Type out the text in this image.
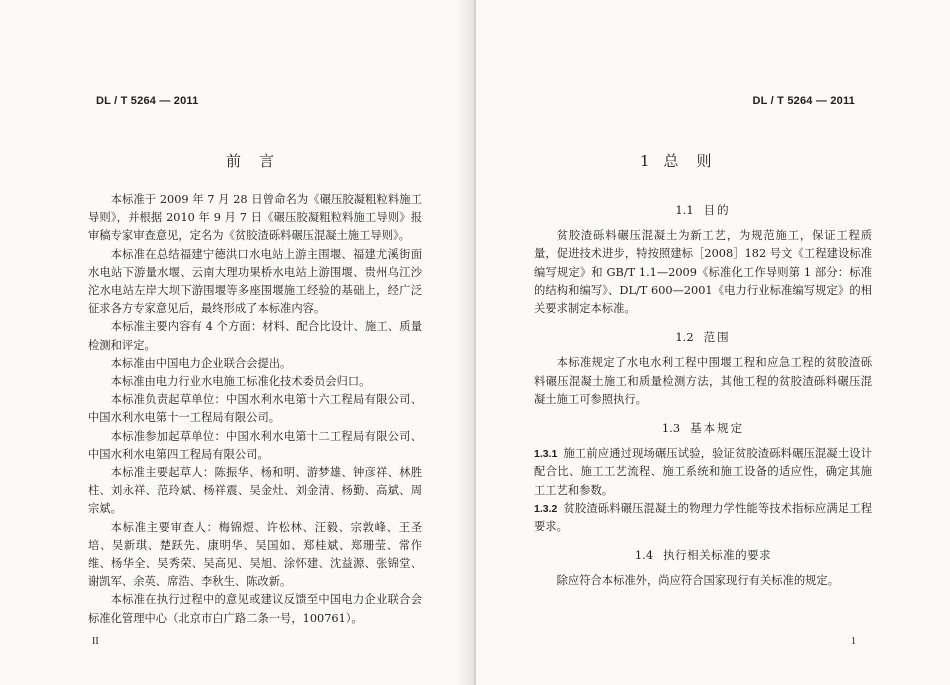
DL / T 5264 — 2011
前言

本标准于 2009 年 7 月 28 日曾命名为《碾压胶凝粗粒料施工导则》，并根据 2010 年 9 月 7 日《碾压胶凝粗粒料施工导则》报审稿专家审查意见，定名为《贫胶渣砾料碾压混凝土施工导则》。

本标准在总结福建宁德洪口水电站上游主围堰、福建尤溪街面水电站下游量水堰、云南大理功果桥水电站上游围堰、贵州乌江沙沱水电站左岸大坝下游围堰等多座围堰施工经验的基础上，经广泛征求各方专家意见后，最终形成了本标准内容。

本标准主要内容有 4 个方面：材料、配合比设计、施工、质量检测和评定。

本标准由中国电力企业联合会提出。

本标准由电力行业水电施工标准化技术委员会归口。

本标准负责起草单位：中国水利水电第十六工程局有限公司、中国水利水电第十一工程局有限公司。

本标准参加起草单位：中国水利水电第十二工程局有限公司、中国水利水电第四工程局有限公司。

本标准主要起草人：陈振华、杨和明、游梦雄、钟彦祥、林胜柱、刘永祥、范玲斌、杨祥震、吴金灶、刘金清、杨勤、高斌、周宗斌。

本标准主要审查人：梅锦煜、许松林、汪毅、宗敦峰、王圣培、吴新琪、楚跃先、康明华、吴国如、郑桂斌、郑珊莹、常作维、杨华全、吴秀荣、吴高见、吴旭、涂怀建、沈益源、张锦堂、谢凯军、余英、席浩、李秋生、陈改新。

本标准在执行过程中的意见或建议反馈至中国电力企业联合会标准化管理中心（北京市白广路二条一号，100761）。

II
DL / T 5264 — 2011
1总则
1.1 目的

贫胶渣砾料碾压混凝土为新工艺，为规范施工，保证工程质量，促进技术进步，特按照建标［2008］182 号文《工程建设标准编写规定》和 GB/T 1.1—2009《标准化工作导则第 1 部分：标准的结构和编写》、DL/T 600—2001《电力行业标准编写规定》的相关要求制定本标准。

1.2 范围

本标准规定了水电水利工程中围堰工程和应急工程的贫胶渣砾料碾压混凝土施工和质量检测方法，其他工程的贫胶渣砾料碾压混凝土施工可参照执行。

1.3 基本规定

1.3.1 施工前应通过现场碾压试验，验证贫胶渣砾料碾压混凝土设计配合比、施工工艺流程、施工系统和施工设备的适应性，确定其施工工艺和参数。

1.3.2 贫胶渣砾料碾压混凝土的物理力学性能等技术指标应满足工程要求。

1.4 执行相关标准的要求

除应符合本标准外，尚应符合国家现行有关标准的规定。

1
